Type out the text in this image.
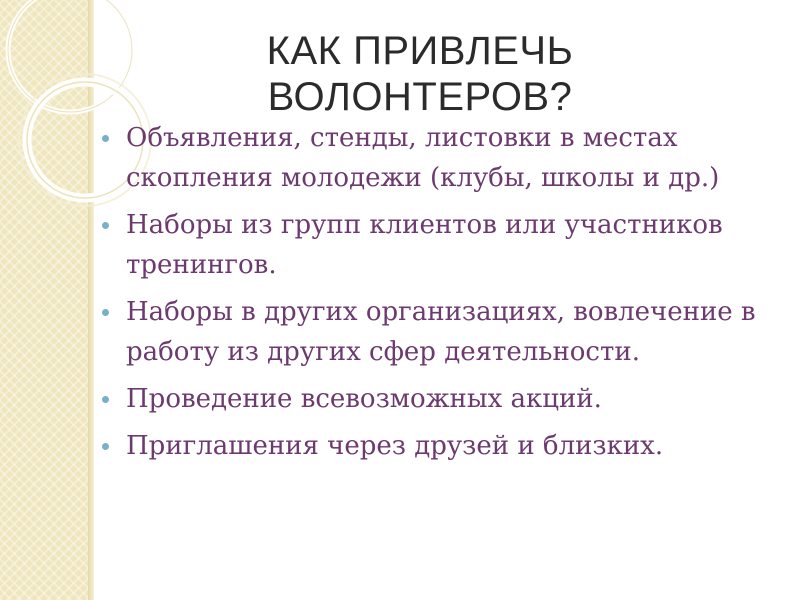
КАК ПРИВЛЕЧЬ
ВОЛОНТЕРОВ?
Объявления, стенды, листовки в местах скопления молодежи (клубы, школы и др.)
Наборы из групп клиентов или участников тренингов.
Наборы в других организациях, вовлечение в работу из других сфер деятельности.
Проведение всевозможных акций.
Приглашения через друзей и близких.
